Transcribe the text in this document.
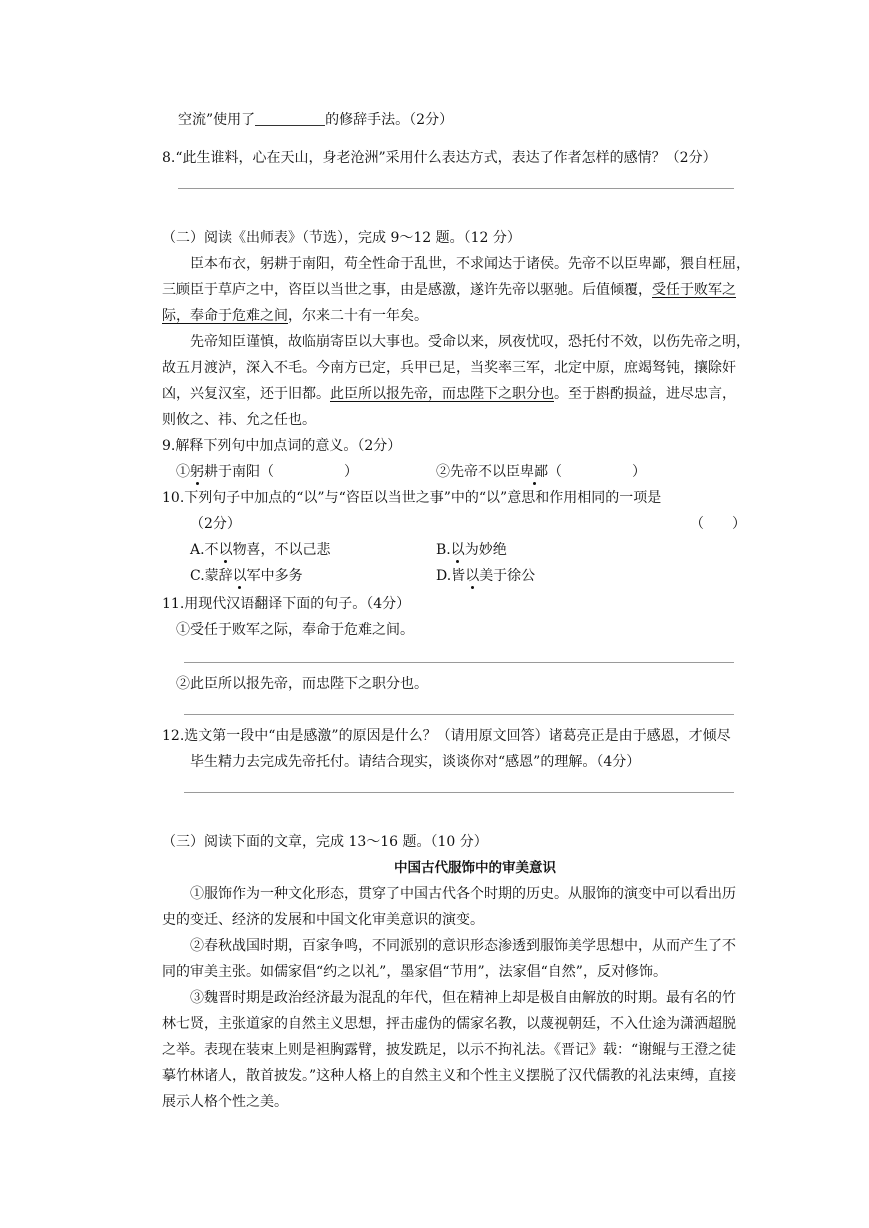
空流”使用了	的修辞手法。（2分）
8.“此生谁料，心在天山，身老沧洲”采用什么表达方式，表达了作者怎样的感情？（2分）
（二）阅读《出师表》（节选），完成 9～12 题。（12 分）
臣本布衣，躬耕于南阳，苟全性命于乱世，不求闻达于诸侯。先帝不以臣卑鄙，猥自枉屈，
三顾臣于草庐之中，咨臣以当世之事，由是感激，遂许先帝以驱驰。后值倾覆，受任于败军之
际，奉命于危难之间，尔来二十有一年矣。
先帝知臣谨慎，故临崩寄臣以大事也。受命以来，夙夜忧叹，恐托付不效，以伤先帝之明，
故五月渡泸，深入不毛。今南方已定，兵甲已足，当奖率三军，北定中原，庶竭驽钝，攘除奸
凶，兴复汉室，还于旧都。此臣所以报先帝，而忠陛下之职分也。至于斟酌损益，进尽忠言，
则攸之、祎、允之任也。
9.解释下列句中加点词的意义。（2分）
①躬耕于南阳（　　　　　）	②先帝不以臣卑鄙（　　　　　）
10.下列句子中加点的“以”与“咨臣以当世之事”中的“以”意思和作用相同的一项是
（2分）	（　　）
A.不以物喜，不以己悲	B.以为妙绝
C.蒙辞以军中多务	D.皆以美于徐公
11.用现代汉语翻译下面的句子。（4分）
①受任于败军之际，奉命于危难之间。
②此臣所以报先帝，而忠陛下之职分也。
12.选文第一段中“由是感激”的原因是什么？（请用原文回答）诸葛亮正是由于感恩，才倾尽
毕生精力去完成先帝托付。请结合现实，谈谈你对“感恩”的理解。（4分）
（三）阅读下面的文章，完成 13～16 题。（10 分）
中国古代服饰中的审美意识
①服饰作为一种文化形态，贯穿了中国古代各个时期的历史。从服饰的演变中可以看出历
史的变迁、经济的发展和中国文化审美意识的演变。
②春秋战国时期，百家争鸣，不同派别的意识形态渗透到服饰美学思想中，从而产生了不
同的审美主张。如儒家倡“约之以礼”，墨家倡“节用”，法家倡“自然”，反对修饰。
③魏晋时期是政治经济最为混乱的年代，但在精神上却是极自由解放的时期。最有名的竹
林七贤，主张道家的自然主义思想，抨击虚伪的儒家名教，以蔑视朝廷，不入仕途为潇洒超脱
之举。表现在装束上则是袒胸露臂，披发跣足，以示不拘礼法。《晋记》载：“谢鲲与王澄之徒
摹竹林诸人，散首披发。”这种人格上的自然主义和个性主义摆脱了汉代儒教的礼法束缚，直接
展示人格个性之美。
